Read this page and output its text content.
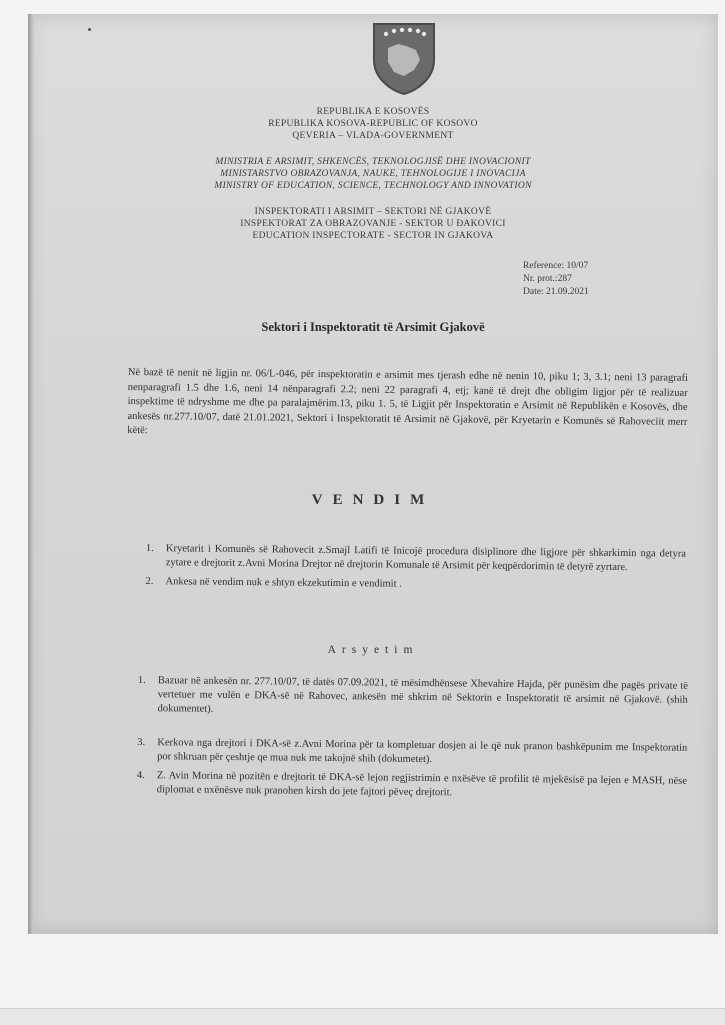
REPUBLIKA E KOSOVËS
REPUBLIKA KOSOVA-REPUBLIC OF KOSOVO
QEVERIA – VLADA-GOVERNMENT
MINISTRIA E ARSIMIT, SHKENCËS, TEKNOLOGJISË DHE INOVACIONIT
MINISTARSTVO OBRAZOVANJA, NAUKE, TEHNOLOGIJE I INOVACIJA
MINISTRY OF EDUCATION, SCIENCE, TECHNOLOGY AND INNOVATION
INSPEKTORATI I ARSIMIT – SEKTORI NË GJAKOVË
INSPEKTORAT ZA OBRAZOVANJE - SEKTOR U ĐAKOVICI
EDUCATION INSPECTORATE - SECTOR IN GJAKOVA
Reference: 10/07
Nr. prot.:287
Date: 21.09.2021
Sektori i Inspektoratit të Arsimit Gjakovë
Në bazë të nenit në ligjin nr. 06/L-046, për inspektoratin e arsimit mes tjerash edhe në nenin 10, piku 1; 3, 3.1; neni 13 paragrafi nenparagrafi 1.5 dhe 1.6, neni 14 nënparagrafi 2.2; neni 22 paragrafi 4, etj; kanë të drejt dhe obligim ligjor për të realizuar inspektime të ndryshme me dhe pa paralajmërim.13, piku 1. 5, të Ligjit për Inspektoratin e Arsimit në Republikën e Kosovës, dhe ankesës nr.277.10/07, datë 21.01.2021, Sektori i Inspektoratit të Arsimit në Gjakovë, për Kryetarin e Komunës së Rahoveciit merr këtë:
VENDIM
1. Kryetarit i Komunës së Rahovecit z.Smajl Latifi të Inicojë procedura disiplinore dhe ligjore për shkarkimin nga detyra zytare e drejtorit z.Avni Morina Drejtor në drejtorin Komunale të Arsimit për keqpërdorimin të detyrë zyrtare.
2. Ankesa në vendim nuk e shtyn ekzekutimin e vendimit .
Arsyetim
1. Bazuar në ankesën nr. 277.10/07, të datës 07.09.2021, të mësimdhënsese Xhevahire Hajda, për punësim dhe pagës private të vertetuer me vulën e DKA-së në Rahovec, ankesën më shkrim në Sektorin e Inspektoratit të arsimit në Gjakovë. (shih dokumentet).
3. Kerkova nga drejtori i DKA-së z.Avni Morina për ta kompletuar dosjen ai le që nuk pranon bashkëpunim me Inspektoratin por shkruan për çeshtje qe mua nuk me takojnë shih (dokumetet).
4. Z. Avin Morina në pozitën e drejtorit të DKA-së lejon regjistrimin e nxësëve të profilit të mjekësisë pa lejen e MASH, nëse diplomat e nxënësve nuk pranohen kirsh do jete fajtori pëveç drejtorit.
